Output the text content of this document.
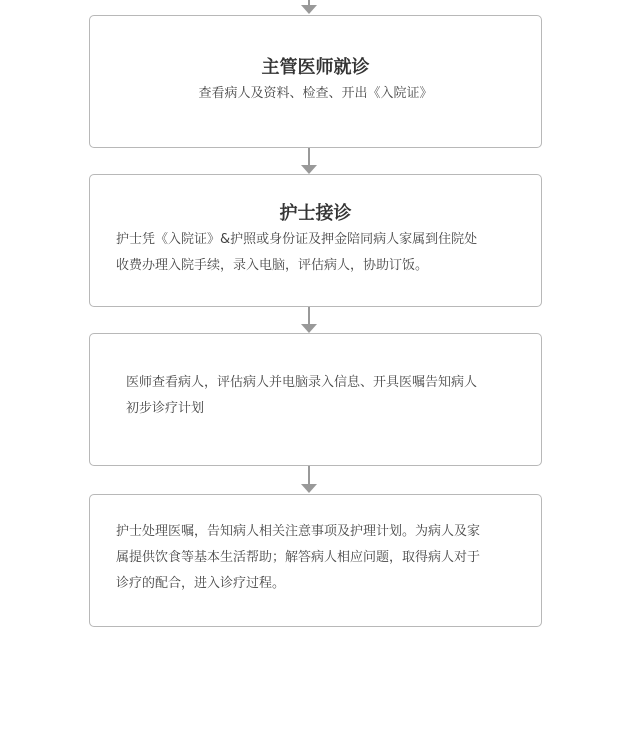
主管医师就诊
查看病人及资料、检查、开出《入院证》
护士接诊
护士凭《入院证》&护照或身份证及押金陪同病人家属到住院处
收费办理入院手续，录入电脑，评估病人，协助订饭。
医师查看病人，评估病人并电脑录入信息、开具医嘱告知病人
初步诊疗计划
护士处理医嘱，告知病人相关注意事项及护理计划。为病人及家
属提供饮食等基本生活帮助；解答病人相应问题，取得病人对于
诊疗的配合，进入诊疗过程。
